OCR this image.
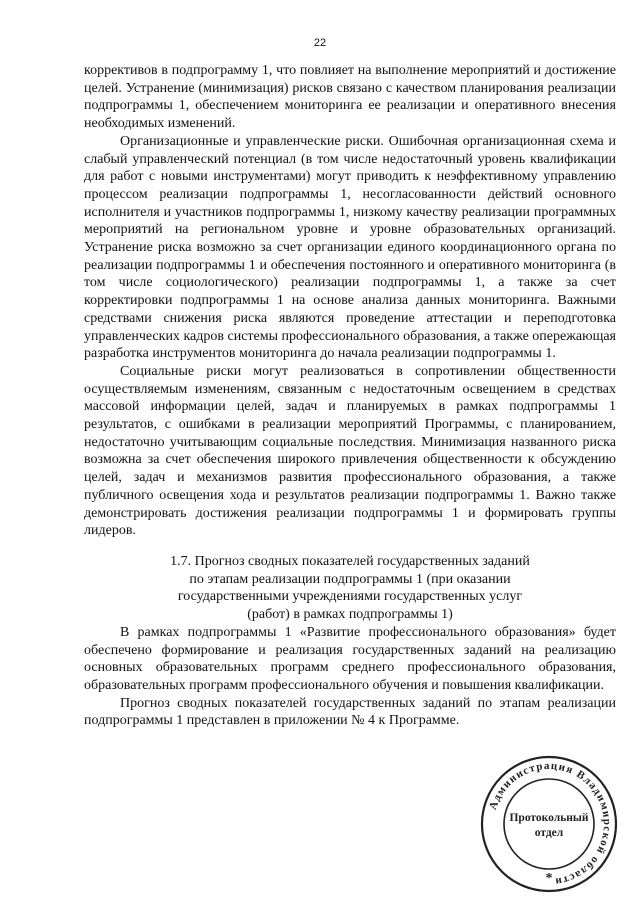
22

коррективов в подпрограмму 1, что повлияет на выполнение мероприятий и достижение целей. Устранение (минимизация) рисков связано с качеством планирования реализации подпрограммы 1, обеспечением мониторинга ее реализации и оперативного внесения необходимых изменений.

Организационные и управленческие риски. Ошибочная организационная схема и слабый управленческий потенциал (в том числе недостаточный уровень квалификации для работ с новыми инструментами) могут приводить к неэффективному управлению процессом реализации подпрограммы 1, несогласованности действий основного исполнителя и участников подпрограммы 1, низкому качеству реализации программных мероприятий на региональном уровне и уровне образовательных организаций. Устранение риска возможно за счет организации единого координационного органа по реализации подпрограммы 1 и обеспечения постоянного и оперативного мониторинга (в том числе социологического) реализации подпрограммы 1, а также за счет корректировки подпрограммы 1 на основе анализа данных мониторинга. Важными средствами снижения риска являются проведение аттестации и переподготовка управленческих кадров системы профессионального образования, а также опережающая разработка инструментов мониторинга до начала реализации подпрограммы 1.

Социальные риски могут реализоваться в сопротивлении общественности осуществляемым изменениям, связанным с недостаточным освещением в средствах массовой информации целей, задач и планируемых в рамках подпрограммы 1 результатов, с ошибками в реализации мероприятий Программы, с планированием, недостаточно учитывающим социальные последствия. Минимизация названного риска возможна за счет обеспечения широкого привлечения общественности к обсуждению целей, задач и механизмов развития профессионального образования, а также публичного освещения хода и результатов реализации подпрограммы 1. Важно также демонстрировать достижения реализации подпрограммы 1 и формировать группы лидеров.

1.7. Прогноз сводных показателей государственных заданий
по этапам реализации подпрограммы 1 (при оказании
государственными учреждениями государственных услуг
(работ) в рамках подпрограммы 1)

В рамках подпрограммы 1 «Развитие профессионального образования» будет обеспечено формирование и реализация государственных заданий на реализацию основных образовательных программ среднего профессионального образования, образовательных программ профессионального обучения и повышения квалификации.

Прогноз сводных показателей государственных заданий по этапам реализации подпрограммы 1 представлен в приложении № 4 к Программе.

Администрация Владимирской области
*
Протокольный
отдел
